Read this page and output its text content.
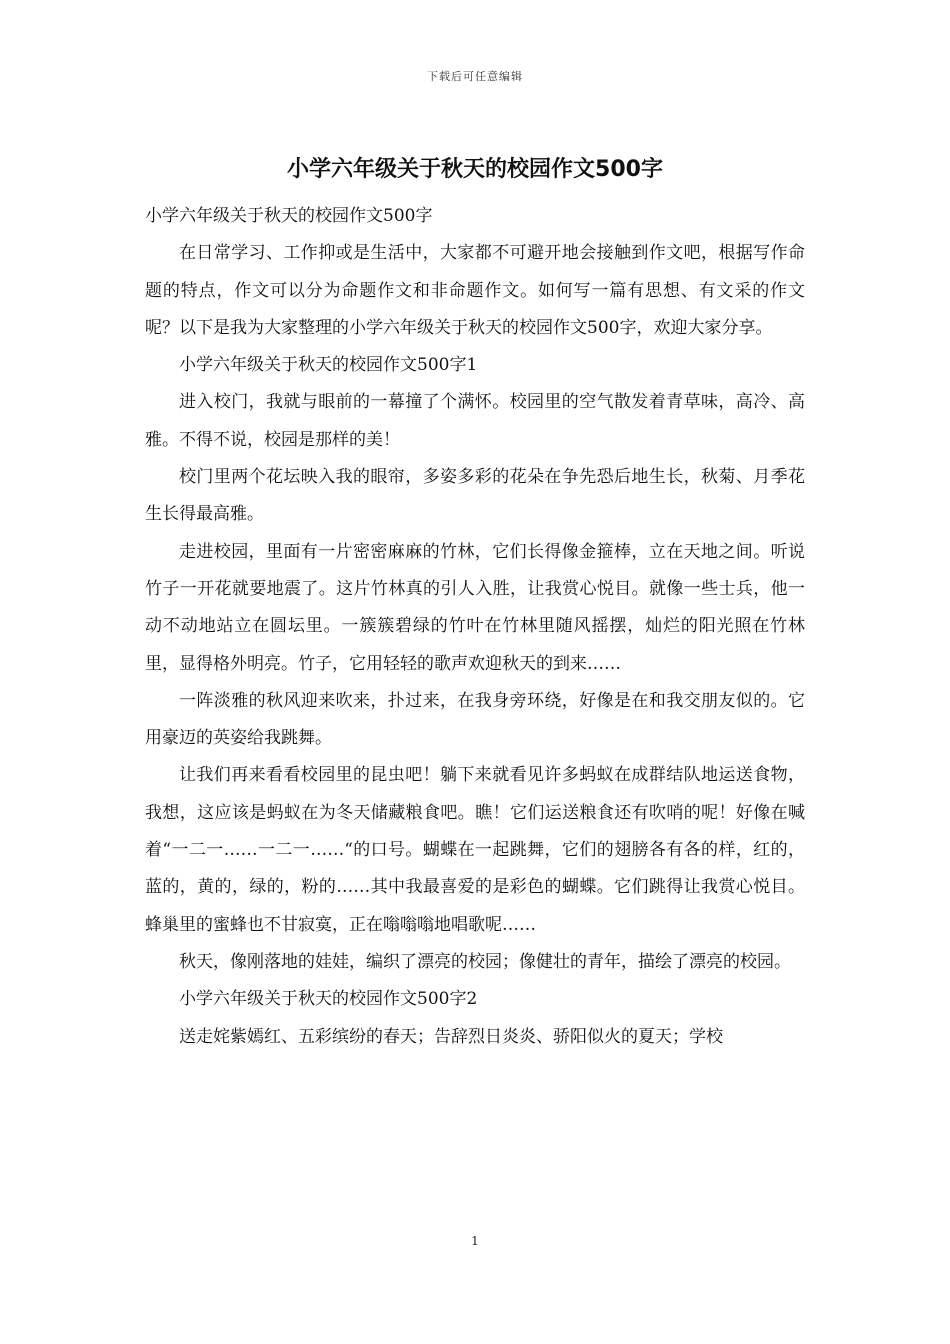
下载后可任意编辑
小学六年级关于秋天的校园作文500字

小学六年级关于秋天的校园作文500字

在日常学习、工作抑或是生活中，大家都不可避开地会接触到作文吧，根据写作命题的特点，作文可以分为命题作文和非命题作文。如何写一篇有思想、有文采的作文呢？以下是我为大家整理的小学六年级关于秋天的校园作文500字，欢迎大家分享。

小学六年级关于秋天的校园作文500字1

进入校门，我就与眼前的一幕撞了个满怀。校园里的空气散发着青草味，高冷、高雅。不得不说，校园是那样的美！

校门里两个花坛映入我的眼帘，多姿多彩的花朵在争先恐后地生长，秋菊、月季花生长得最高雅。

走进校园，里面有一片密密麻麻的竹林，它们长得像金箍棒，立在天地之间。听说竹子一开花就要地震了。这片竹林真的引人入胜，让我赏心悦目。就像一些士兵，他一动不动地站立在圆坛里。一簇簇碧绿的竹叶在竹林里随风摇摆，灿烂的阳光照在竹林里，显得格外明亮。竹子，它用轻轻的歌声欢迎秋天的到来……

一阵淡雅的秋风迎来吹来，扑过来，在我身旁环绕，好像是在和我交朋友似的。它用豪迈的英姿给我跳舞。

让我们再来看看校园里的昆虫吧！躺下来就看见许多蚂蚁在成群结队地运送食物，我想，这应该是蚂蚁在为冬天储藏粮食吧。瞧！它们运送粮食还有吹哨的呢！好像在喊着“一二一……一二一……“的口号。蝴蝶在一起跳舞，它们的翅膀各有各的样，红的，蓝的，黄的，绿的，粉的……其中我最喜爱的是彩色的蝴蝶。它们跳得让我赏心悦目。蜂巢里的蜜蜂也不甘寂寞，正在嗡嗡嗡地唱歌呢……

秋天，像刚落地的娃娃，编织了漂亮的校园；像健壮的青年，描绘了漂亮的校园。

小学六年级关于秋天的校园作文500字2

送走姹紫嫣红、五彩缤纷的春天；告辞烈日炎炎、骄阳似火的夏天；学校

1
